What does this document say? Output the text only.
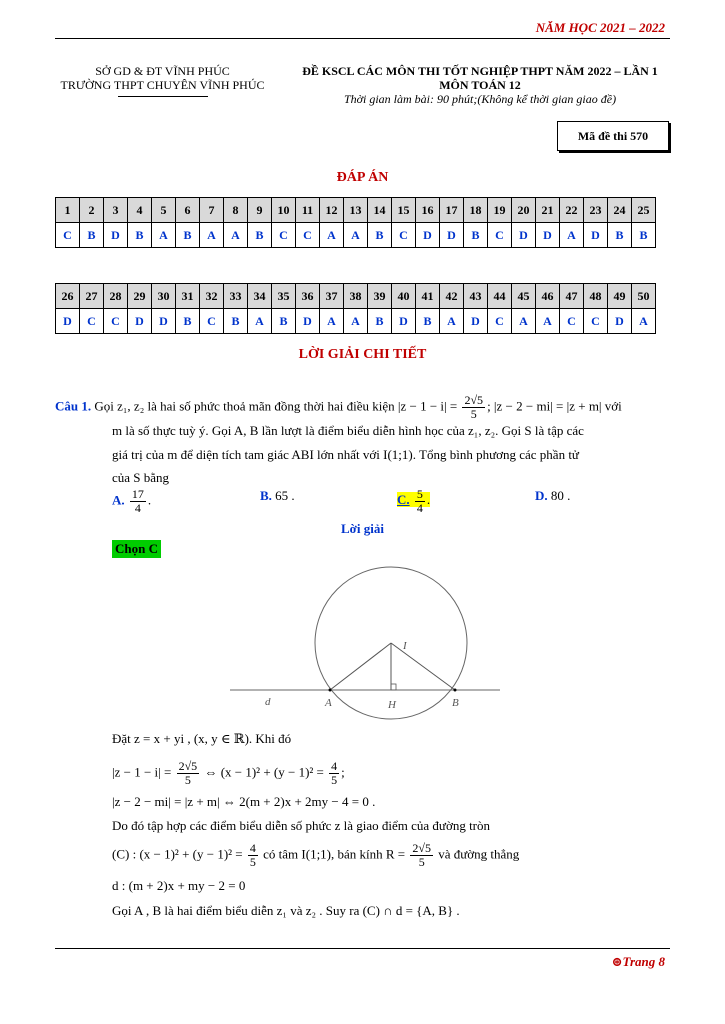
NĂM HỌC 2021 – 2022
SỞ GD & ĐT VĨNH PHÚC
TRƯỜNG THPT CHUYÊN VĨNH PHÚC
ĐỀ KSCL CÁC MÔN THI TỐT NGHIỆP THPT NĂM 2022 – LẦN 1
MÔN TOÁN 12
Thời gian làm bài: 90 phút;(Không kể thời gian giao đề)
Mã đề thi 570
ĐÁP ÁN
1	2	3	4	5	6	7	8	9	10	11	12	13	14	15	16	17	18	19	20	21	22	23	24	25
C	B	D	B	A	B	A	A	B	C	C	A	A	B	C	D	D	B	C	D	D	A	D	B	B
26	27	28	29	30	31	32	33	34	35	36	37	38	39	40	41	42	43	44	45	46	47	48	49	50
D	C	C	D	D	B	C	B	A	B	D	A	A	B	D	B	A	D	C	A	A	C	C	D	A
LỜI GIẢI CHI TIẾT
Câu 1. Gọi z₁, z₂ là hai số phức thoả mãn đồng thời hai điều kiện $|z - 1 - i| = \frac{2√5}{5}$ ; |z − 2 − mi| = |z + m| với
m là số thực tuỳ ý. Gọi A, B lần lượt là điểm biểu diễn hình học của z₁, z₂. Gọi S là tập các
giá trị của m để diện tích tam giác ABI lớn nhất với I(1;1). Tổng bình phương các phần tử
của S bằng
A. $\frac{17}{4}$ .	B. 65 .	C. $\frac{5}{4}$ .	D. 80 .
Lời giải
Chọn C
d
I
A	H	B
Đặt z = x + yi , (x, y ∈ ℝ). Khi đó
$|z - 1 - i| = \frac{2√5}{5}$ ⇔ $(x - 1)^2 + (y - 1)^2 = \frac{4}{5}$ ;
|z − 2 − mi| = |z + m| ⇔ 2(m + 2)x + 2my − 4 = 0 .
Do đó tập hợp các điểm biểu diễn số phức z là giao điểm của đường tròn
(C) : $(x - 1)^2 + (y - 1)^2 = \frac{4}{5}$ có tâm I(1;1), bán kính $R = \frac{2√5}{5}$ và đường thẳng
d : (m + 2)x + my − 2 = 0
Gọi A , B là hai điểm biểu diễn z₁ và z₂ . Suy ra (C) ∩ d = {A, B} .
⊛Trang 8
